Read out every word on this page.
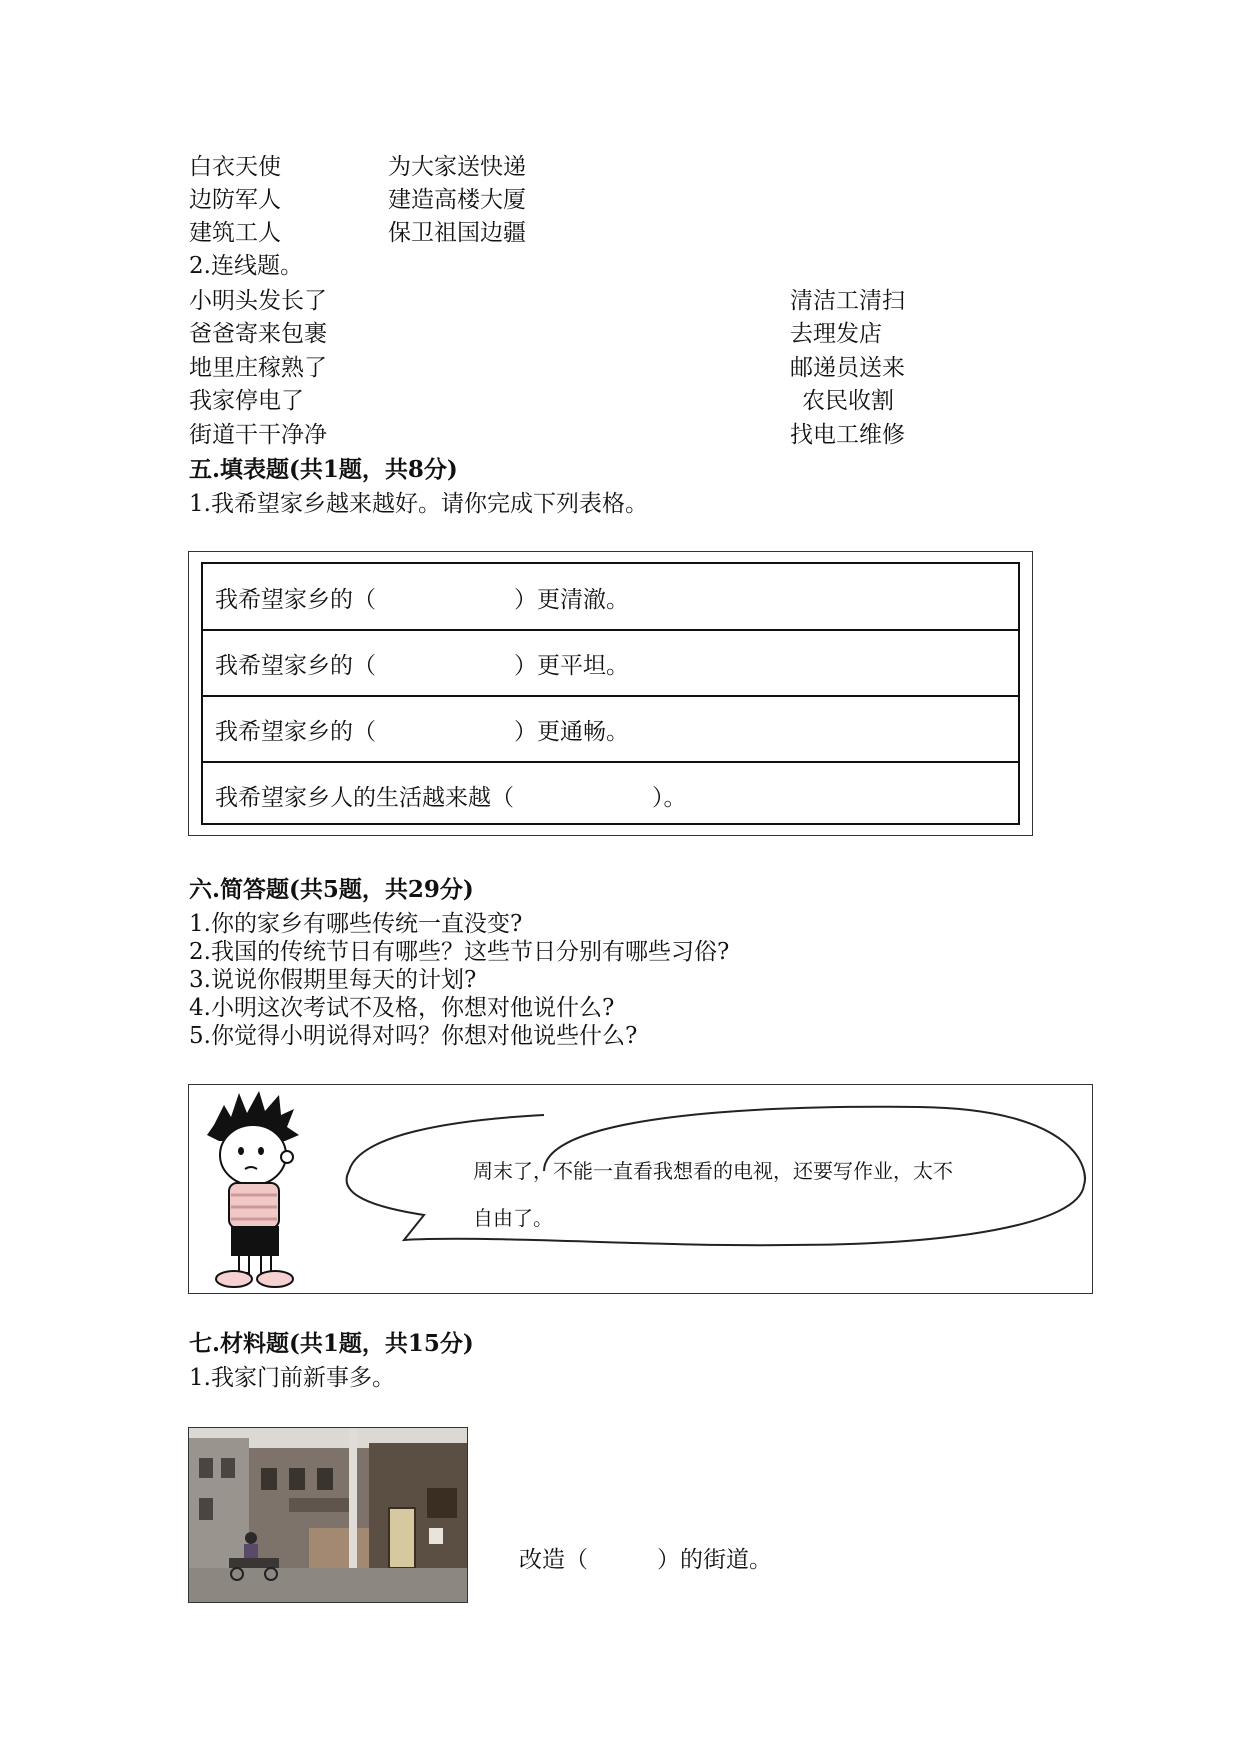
白衣天使
边防军人
建筑工人
为大家送快递
建造高楼大厦
保卫祖国边疆
2.连线题。
小明头发长了
爸爸寄来包裹
地里庄稼熟了
我家停电了
街道干干净净
清洁工清扫
去理发店
邮递员送来
农民收割
找电工维修
五.填表题(共1题，共8分)
1.我希望家乡越来越好。请你完成下列表格。
我希望家乡的（　　　　　　）更清澈。
我希望家乡的（　　　　　　）更平坦。
我希望家乡的（　　　　　　）更通畅。
我希望家乡人的生活越来越（　　　　　　）。
六.简答题(共5题，共29分)
1.你的家乡有哪些传统一直没变?
2.我国的传统节日有哪些？这些节日分别有哪些习俗?
3.说说你假期里每天的计划?
4.小明这次考试不及格，你想对他说什么?
5.你觉得小明说得对吗？你想对他说些什么?
周末了，不能一直看我想看的电视，还要写作业，太不
自由了。
七.材料题(共1题，共15分)
1.我家门前新事多。
改造（　　　）的街道。
